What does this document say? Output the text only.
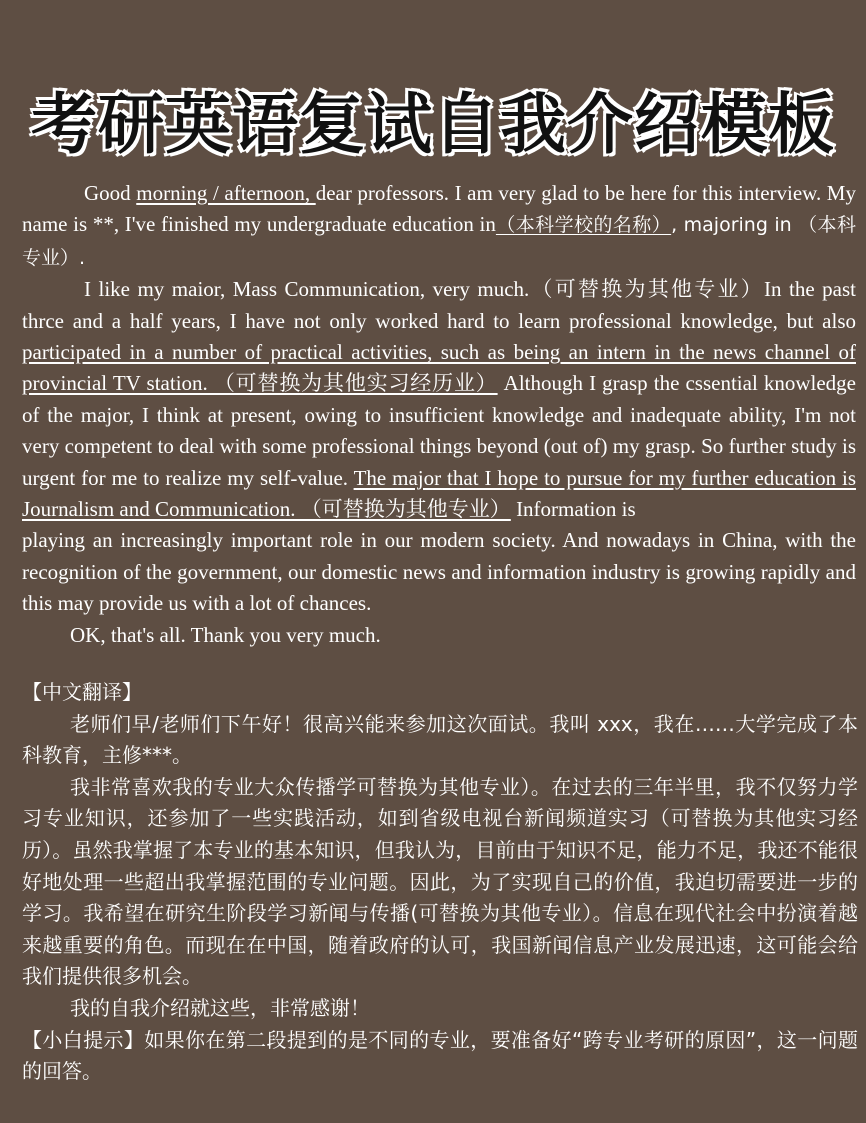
考研英语复试自我介绍模板

Good morning / afternoon, dear professors. I am very glad to be here for this interview. My name is **, I've finished my undergraduate education in（本科学校的名称）, majoring in （本科专业）.

I like my maior, Mass Communication, very much.（可替换为其他专业）In the past thrce and a half years, I have not only worked hard to learn professional knowledge, but also participated in a number of practical activities, such as being an intern in the news channel of provincial TV station. （可替换为其他实习经历业） Although I grasp the cssential knowledge of the major, I think at present, owing to insufficient knowledge and inadequate ability, I'm not very competent to deal with some professional things beyond (out of) my grasp. So further study is urgent for me to realize my self-value. The major that I hope to pursue for my further education is Journalism and Communication. （可替换为其他专业） Information is

playing an increasingly important role in our modern society. And nowadays in China, with the recognition of the government, our domestic news and information industry is growing rapidly and this may provide us with a lot of chances.

OK, that's all. Thank you very much.

【中文翻译】

老师们早/老师们下午好！很高兴能来参加这次面试。我叫 xxx，我在……大学完成了本科教育，主修***。

我非常喜欢我的专业大众传播学可替换为其他专业）。在过去的三年半里，我不仅努力学习专业知识，还参加了一些实践活动，如到省级电视台新闻频道实习（可替换为其他实习经历）。虽然我掌握了本专业的基本知识，但我认为，目前由于知识不足，能力不足，我还不能很好地处理一些超出我掌握范围的专业问题。因此，为了实现自己的价值，我迫切需要进一步的学习。我希望在研究生阶段学习新闻与传播(可替换为其他专业）。信息在现代社会中扮演着越来越重要的角色。而现在在中国，随着政府的认可，我国新闻信息产业发展迅速，这可能会给我们提供很多机会。

我的自我介绍就这些，非常感谢！

【小白提示】如果你在第二段提到的是不同的专业，要准备好“跨专业考研的原因”，这一问题的回答。
